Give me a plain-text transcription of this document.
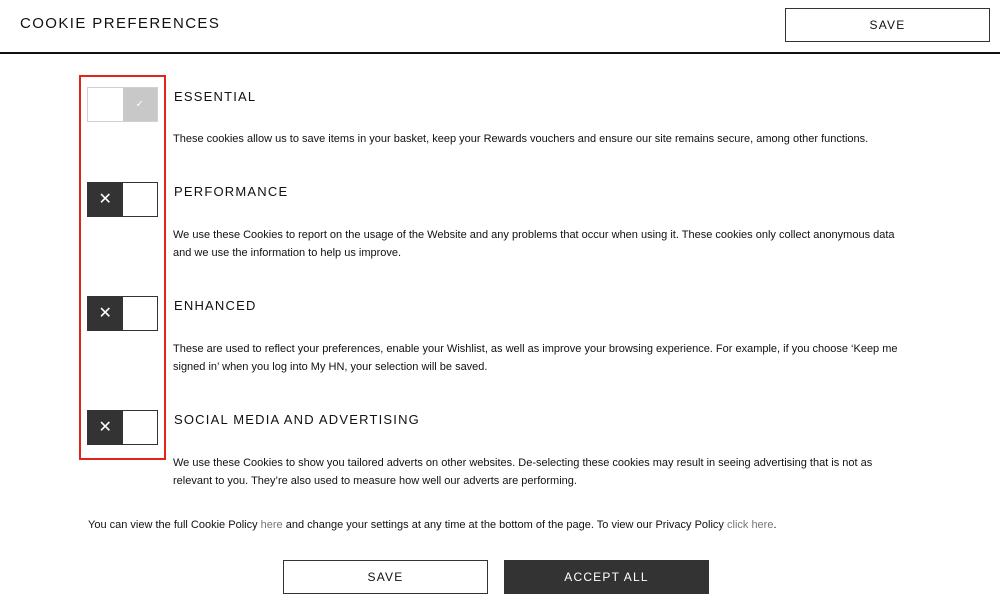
COOKIE PREFERENCES	SAVE
✓ ESSENTIAL
These cookies allow us to save items in your basket, keep your Rewards vouchers and ensure our site remains secure, among other functions.
✕	PERFORMANCE
We use these Cookies to report on the usage of the Website and any problems that occur when using it. These cookies only collect anonymous data and we use the information to help us improve.
✕	ENHANCED
These are used to reflect your preferences, enable your Wishlist, as well as improve your browsing experience. For example, if you choose ‘Keep me signed in’ when you log into My HN, your selection will be saved.
✕	SOCIAL MEDIA AND ADVERTISING
We use these Cookies to show you tailored adverts on other websites. De-selecting these cookies may result in seeing advertising that is not as relevant to you. They’re also used to measure how well our adverts are performing.
You can view the full Cookie Policy here and change your settings at any time at the bottom of the page. To view our Privacy Policy click here.
SAVE	ACCEPT ALL
